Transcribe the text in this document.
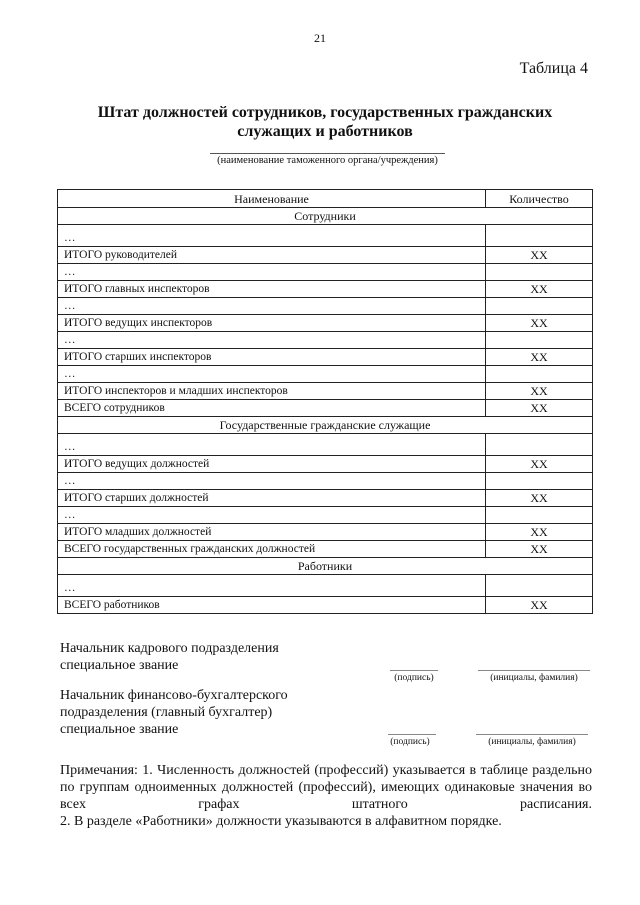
21
Таблица 4
Штат должностей сотрудников, государственных гражданских
служащих и работников
(наименование таможенного органа/учреждения)
Наименование	Количество
Сотрудники	
…	
ИТОГО руководителей	XX
…	
ИТОГО главных инспекторов	XX
…	
ИТОГО ведущих инспекторов	XX
…	
ИТОГО старших инспекторов	XX
…	
ИТОГО инспекторов и младших инспекторов	XX
ВСЕГО сотрудников	XX
Государственные гражданские служащие	
…	
ИТОГО ведущих должностей	XX
…	
ИТОГО старших должностей	XX
…	
ИТОГО младших должностей	XX
ВСЕГО государственных гражданских должностей	XX
Работники	
…	
ВСЕГО работников	XX
Начальник кадрового подразделения
специальное звание
(подпись)	(инициалы, фамилия)
Начальник финансово-бухгалтерского
подразделения (главный бухгалтер)
специальное звание
(подпись)	(инициалы, фамилия)

Примечания: 1. Численность должностей (профессий) указывается в таблице раздельно по группам одноименных должностей (профессий), имеющих одинаковые значения во всех графах штатного расписания.

2. В разделе «Работники» должности указываются в алфавитном порядке.
